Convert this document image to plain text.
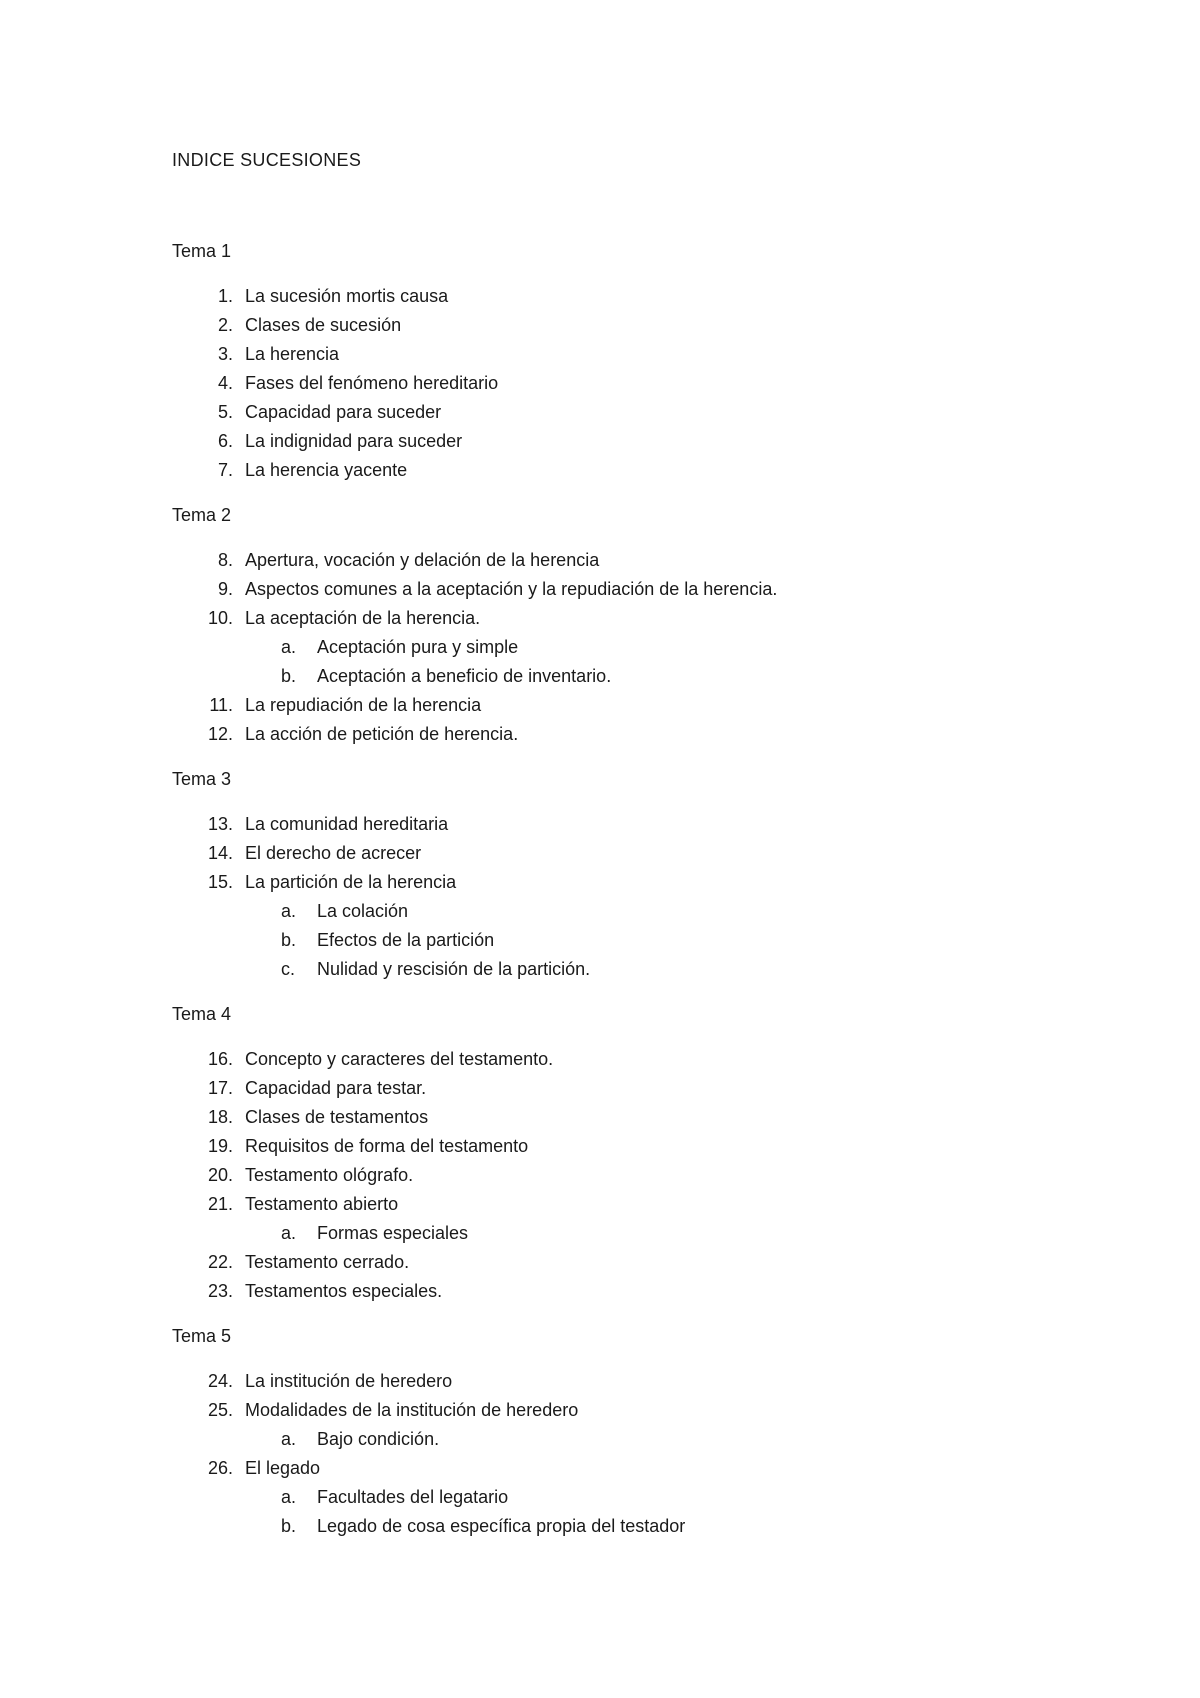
INDICE SUCESIONES
Tema 1
1. La sucesión mortis causa
2. Clases de sucesión
3. La herencia
4. Fases del fenómeno hereditario
5. Capacidad para suceder
6. La indignidad para suceder
7. La herencia yacente
Tema 2
8. Apertura, vocación y delación de la herencia
9. Aspectos comunes a la aceptación y la repudiación de la herencia.
10. La aceptación de la herencia.
a. Aceptación pura y simple
b. Aceptación a beneficio de inventario.
11. La repudiación de la herencia
12. La acción de petición de herencia.
Tema 3
13. La comunidad hereditaria
14. El derecho de acrecer
15. La partición de la herencia
a. La colación
b. Efectos de la partición
c. Nulidad y rescisión de la partición.
Tema 4
16. Concepto y caracteres del testamento.
17. Capacidad para testar.
18. Clases de testamentos
19. Requisitos de forma del testamento
20. Testamento ológrafo.
21. Testamento abierto
a. Formas especiales
22. Testamento cerrado.
23. Testamentos especiales.
Tema 5
24. La institución de heredero
25. Modalidades de la institución de heredero
a. Bajo condición.
26. El legado
a. Facultades del legatario
b. Legado de cosa específica propia del testador
